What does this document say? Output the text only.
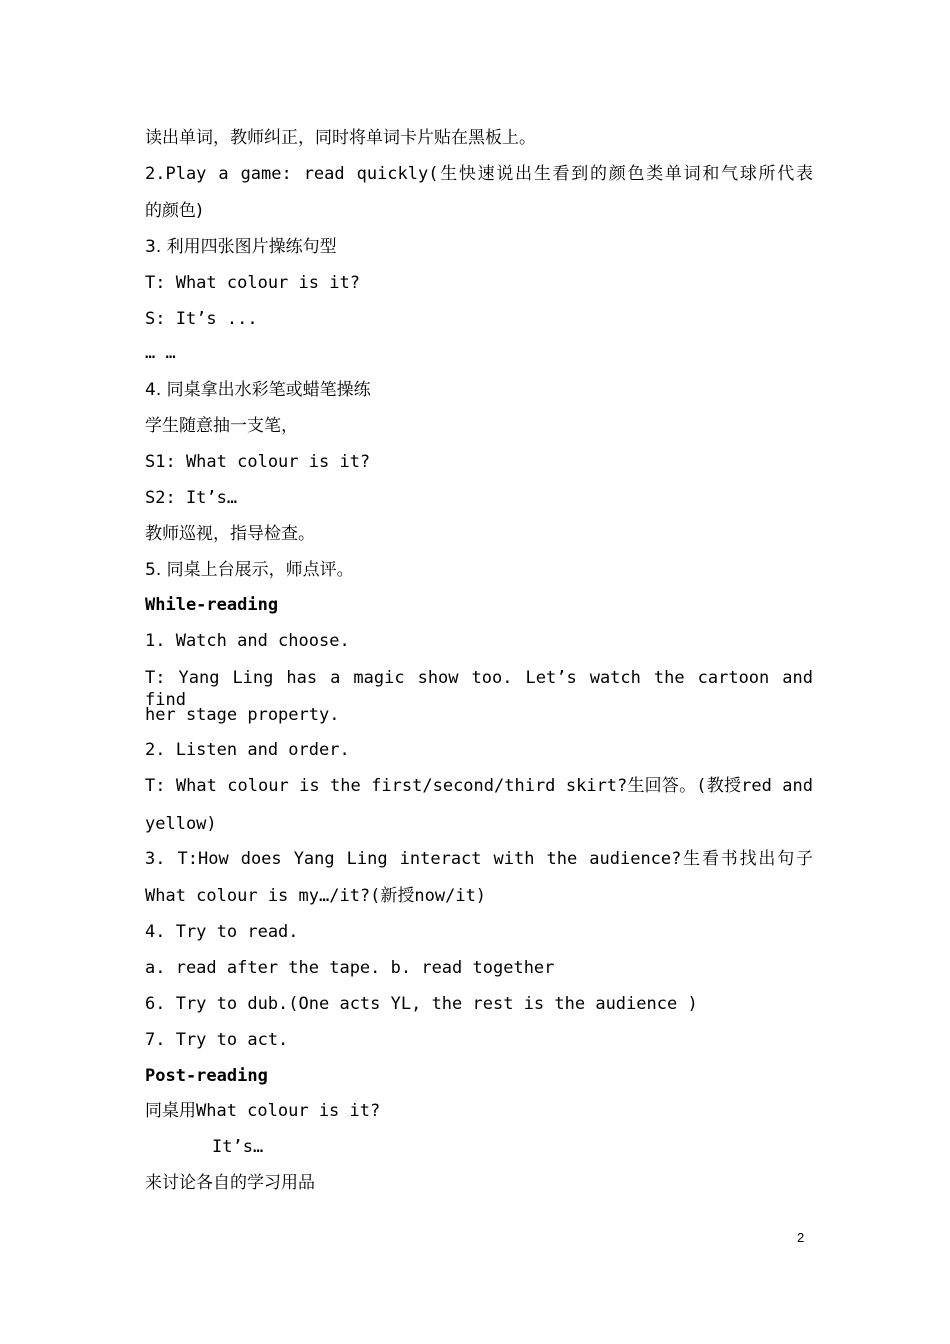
读出单词，教师纠正，同时将单词卡片贴在黑板上。
2.Play a game: read quickly(生快速说出生看到的颜色类单词和气球所代表
的颜色)
3. 利用四张图片操练句型
T: What colour is it?
S: It’s ...
… …
4. 同桌拿出水彩笔或蜡笔操练
学生随意抽一支笔，
S1: What colour is it?
S2: It’s…
教师巡视，指导检查。
5. 同桌上台展示，师点评。
While-reading
1. Watch and choose.
T: Yang Ling has a magic show too. Let’s watch the cartoon and find
her stage property.
2. Listen and order.
T: What colour is the first/second/third skirt?生回答。(教授red and
yellow)
3. T:How does Yang Ling interact with the audience?生看书找出句子
What colour is my…/it?(新授now/it)
4. Try to read.
a. read after the tape. b. read together
6. Try to dub.(One acts YL, the rest is the audience )
7. Try to act.
Post-reading
同桌用What colour is it?
It’s…
来讨论各自的学习用品
2
